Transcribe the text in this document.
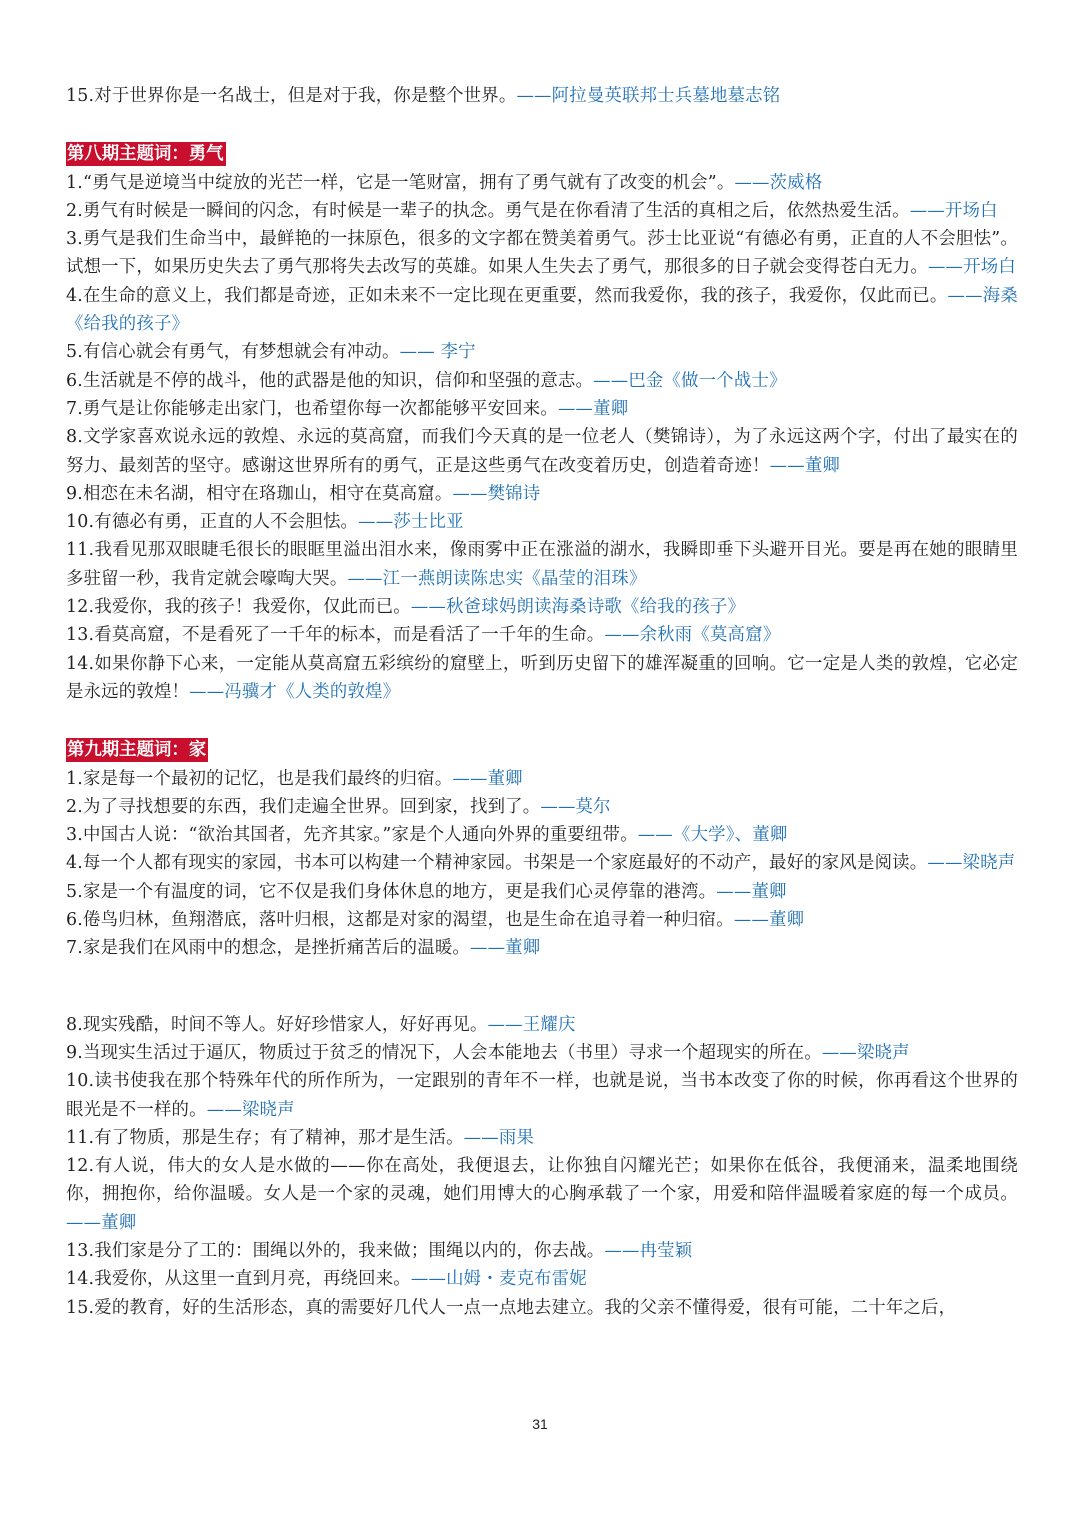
15.对于世界你是一名战士，但是对于我，你是整个世界。——阿拉曼英联邦士兵墓地墓志铭

第八期主题词：勇气

1.“勇气是逆境当中绽放的光芒一样，它是一笔财富，拥有了勇气就有了改变的机会”。——茨威格

2.勇气有时候是一瞬间的闪念，有时候是一辈子的执念。勇气是在你看清了生活的真相之后，依然热爱生活。——开场白

3.勇气是我们生命当中，最鲜艳的一抹原色，很多的文字都在赞美着勇气。莎士比亚说“有德必有勇，正直的人不会胆怯”。试想一下，如果历史失去了勇气那将失去改写的英雄。如果人生失去了勇气，那很多的日子就会变得苍白无力。——开场白

4.在生命的意义上，我们都是奇迹，正如未来不一定比现在更重要，然而我爱你，我的孩子，我爱你，仅此而已。——海桑《给我的孩子》

5.有信心就会有勇气，有梦想就会有冲动。—— 李宁

6.生活就是不停的战斗，他的武器是他的知识，信仰和坚强的意志。——巴金《做一个战士》

7.勇气是让你能够走出家门，也希望你每一次都能够平安回来。——董卿

8.文学家喜欢说永远的敦煌、永远的莫高窟，而我们今天真的是一位老人（樊锦诗），为了永远这两个字，付出了最实在的努力、最刻苦的坚守。感谢这世界所有的勇气，正是这些勇气在改变着历史，创造着奇迹！——董卿

9.相恋在未名湖，相守在珞珈山，相守在莫高窟。——樊锦诗

10.有德必有勇，正直的人不会胆怯。——莎士比亚

11.我看见那双眼睫毛很长的眼眶里溢出泪水来，像雨雾中正在涨溢的湖水，我瞬即垂下头避开目光。要是再在她的眼睛里多驻留一秒，我肯定就会嚎啕大哭。——江一燕朗读陈忠实《晶莹的泪珠》

12.我爱你，我的孩子！我爱你，仅此而已。——秋爸球妈朗读海桑诗歌《给我的孩子》

13.看莫高窟，不是看死了一千年的标本，而是看活了一千年的生命。——余秋雨《莫高窟》

14.如果你静下心来，一定能从莫高窟五彩缤纷的窟壁上，听到历史留下的雄浑凝重的回响。它一定是人类的敦煌，它必定是永远的敦煌！——冯骥才《人类的敦煌》

第九期主题词：家

1.家是每一个最初的记忆，也是我们最终的归宿。——董卿

2.为了寻找想要的东西，我们走遍全世界。回到家，找到了。——莫尔

3.中国古人说：“欲治其国者，先齐其家。”家是个人通向外界的重要纽带。——《大学》、董卿

4.每一个人都有现实的家园，书本可以构建一个精神家园。书架是一个家庭最好的不动产，最好的家风是阅读。——梁晓声

5.家是一个有温度的词，它不仅是我们身体休息的地方，更是我们心灵停靠的港湾。——董卿

6.倦鸟归林，鱼翔潜底，落叶归根，这都是对家的渴望，也是生命在追寻着一种归宿。——董卿

7.家是我们在风雨中的想念，是挫折痛苦后的温暖。——董卿

8.现实残酷，时间不等人。好好珍惜家人，好好再见。——王耀庆

9.当现实生活过于逼仄，物质过于贫乏的情况下，人会本能地去（书里）寻求一个超现实的所在。——梁晓声

10.读书使我在那个特殊年代的所作所为，一定跟别的青年不一样，也就是说，当书本改变了你的时候，你再看这个世界的眼光是不一样的。——梁晓声

11.有了物质，那是生存；有了精神，那才是生活。——雨果

12.有人说，伟大的女人是水做的——你在高处，我便退去，让你独自闪耀光芒；如果你在低谷，我便涌来，温柔地围绕你，拥抱你，给你温暖。女人是一个家的灵魂，她们用博大的心胸承载了一个家，用爱和陪伴温暖着家庭的每一个成员。——董卿

13.我们家是分了工的：围绳以外的，我来做；围绳以内的，你去战。——冉莹颖

14.我爱你，从这里一直到月亮，再绕回来。——山姆・麦克布雷妮

15.爱的教育，好的生活形态，真的需要好几代人一点一点地去建立。我的父亲不懂得爱，很有可能，二十年之后，

31
